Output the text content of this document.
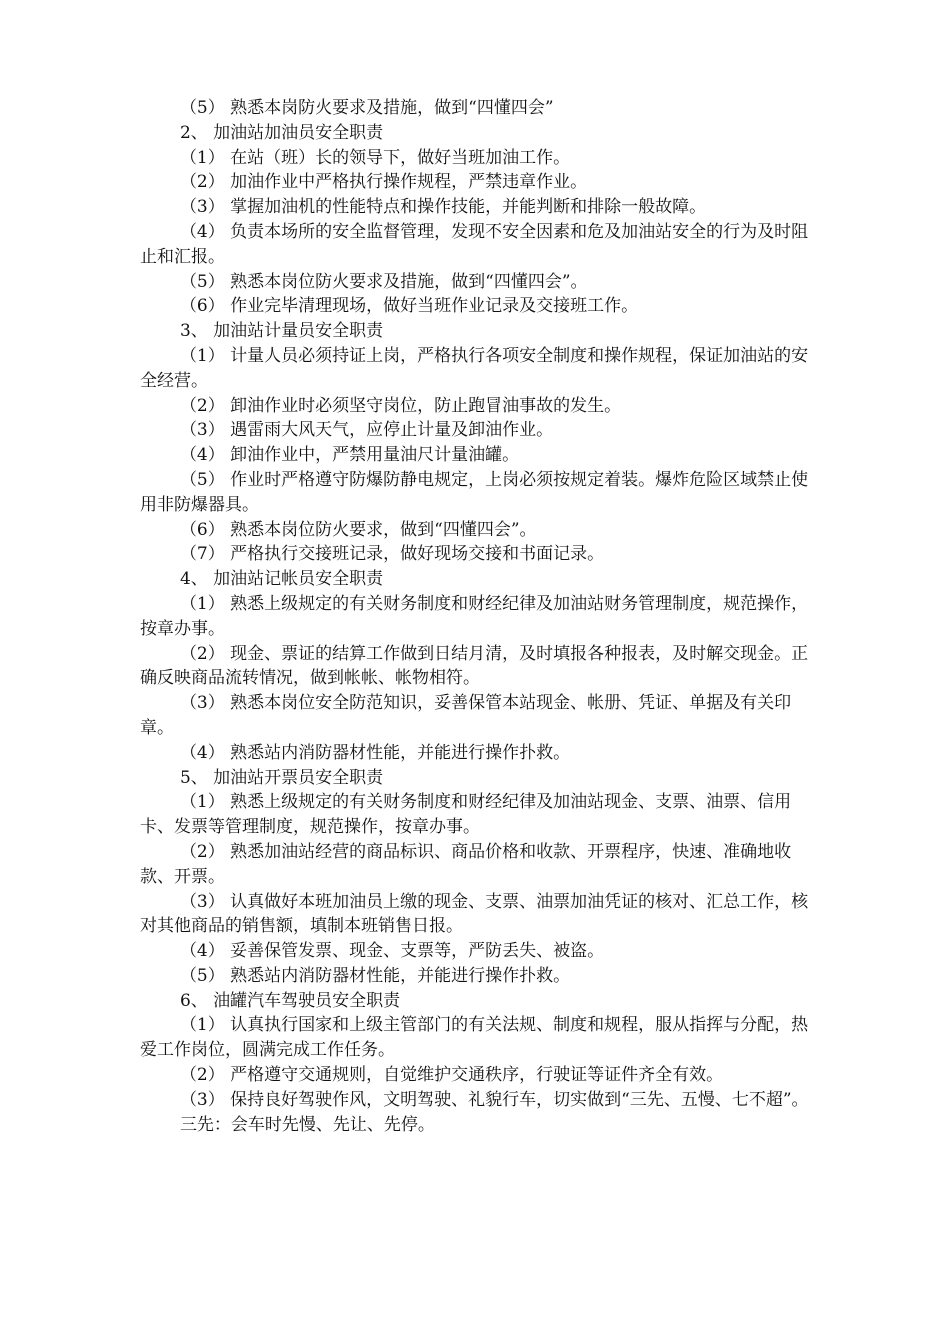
（5） 熟悉本岗防火要求及措施，做到“四懂四会”

2、 加油站加油员安全职责

（1） 在站（班）长的领导下，做好当班加油工作。

（2） 加油作业中严格执行操作规程，严禁违章作业。

（3） 掌握加油机的性能特点和操作技能，并能判断和排除一般故障。

（4） 负责本场所的安全监督管理，发现不安全因素和危及加油站安全的行为及时阻止和汇报。

（5） 熟悉本岗位防火要求及措施，做到“四懂四会”。

（6） 作业完毕清理现场，做好当班作业记录及交接班工作。

3、 加油站计量员安全职责

（1） 计量人员必须持证上岗，严格执行各项安全制度和操作规程，保证加油站的安全经营。

（2） 卸油作业时必须坚守岗位，防止跑冒油事故的发生。

（3） 遇雷雨大风天气，应停止计量及卸油作业。

（4） 卸油作业中，严禁用量油尺计量油罐。

（5） 作业时严格遵守防爆防静电规定，上岗必须按规定着装。爆炸危险区域禁止使用非防爆器具。

（6） 熟悉本岗位防火要求，做到“四懂四会”。

（7） 严格执行交接班记录，做好现场交接和书面记录。

4、 加油站记帐员安全职责

（1） 熟悉上级规定的有关财务制度和财经纪律及加油站财务管理制度，规范操作，按章办事。

（2） 现金、票证的结算工作做到日结月清，及时填报各种报表，及时解交现金。正确反映商品流转情况，做到帐帐、帐物相符。

（3） 熟悉本岗位安全防范知识，妥善保管本站现金、帐册、凭证、单据及有关印章。

（4） 熟悉站内消防器材性能，并能进行操作扑救。

5、 加油站开票员安全职责

（1） 熟悉上级规定的有关财务制度和财经纪律及加油站现金、支票、油票、信用卡、发票等管理制度，规范操作，按章办事。

（2） 熟悉加油站经营的商品标识、商品价格和收款、开票程序，快速、准确地收款、开票。

（3） 认真做好本班加油员上缴的现金、支票、油票加油凭证的核对、汇总工作，核对其他商品的销售额，填制本班销售日报。

（4） 妥善保管发票、现金、支票等，严防丢失、被盗。

（5） 熟悉站内消防器材性能，并能进行操作扑救。

6、 油罐汽车驾驶员安全职责

（1） 认真执行国家和上级主管部门的有关法规、制度和规程，服从指挥与分配，热爱工作岗位，圆满完成工作任务。

（2） 严格遵守交通规则，自觉维护交通秩序，行驶证等证件齐全有效。

（3） 保持良好驾驶作风，文明驾驶、礼貌行车，切实做到“三先、五慢、七不超”。

三先：会车时先慢、先让、先停。
